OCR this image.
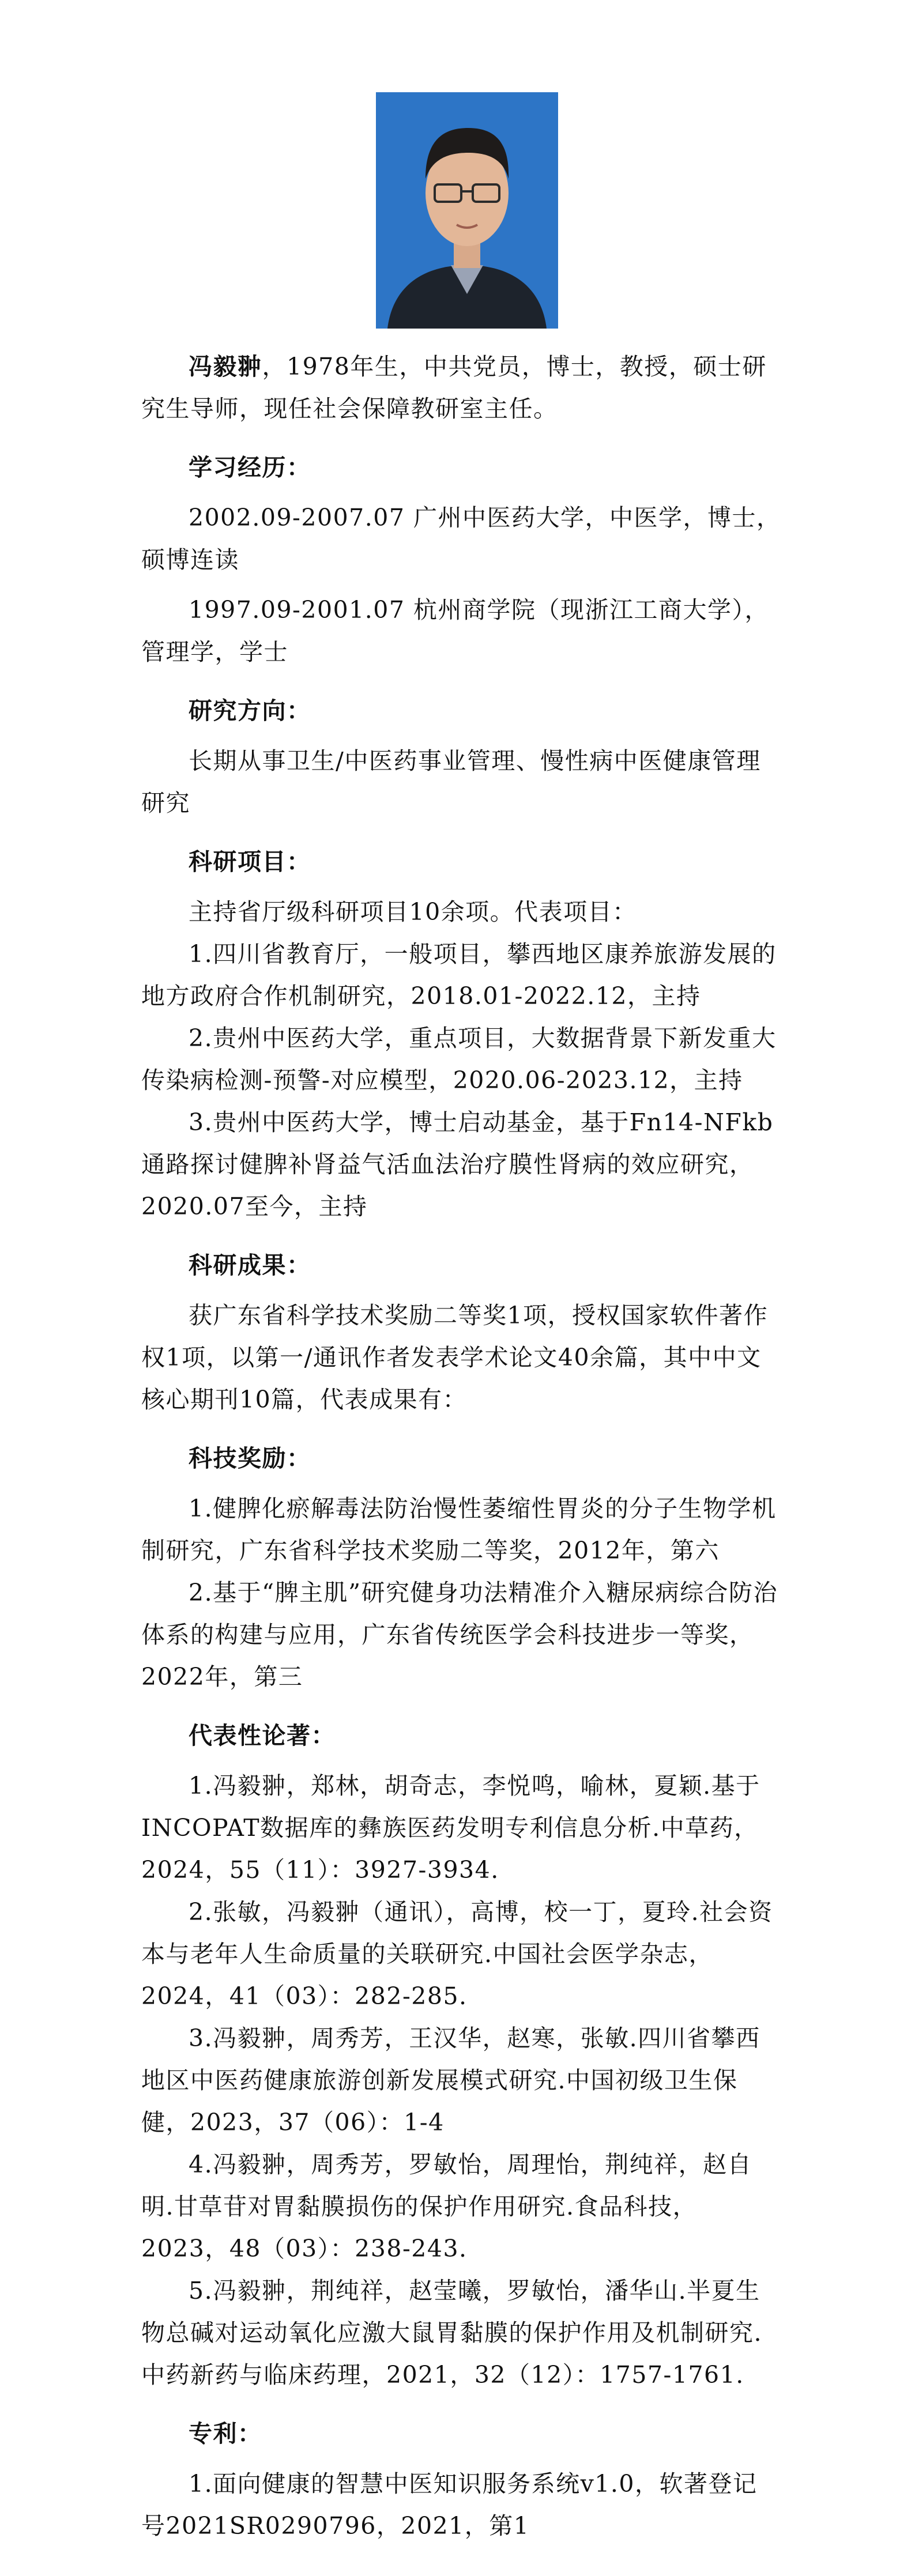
冯毅翀，1978年生，中共党员，博士，教授，硕士研究生导师，现任社会保障教研室主任。

学习经历：

2002.09-2007.07 广州中医药大学，中医学，博士，硕博连读

1997.09-2001.07 杭州商学院（现浙江工商大学），管理学，学士

研究方向：

长期从事卫生/中医药事业管理、慢性病中医健康管理研究

科研项目：

主持省厅级科研项目10余项。代表项目：

1.四川省教育厅，一般项目，攀西地区康养旅游发展的地方政府合作机制研究，2018.01-2022.12，主持

2.贵州中医药大学，重点项目，大数据背景下新发重大传染病检测-预警-对应模型，2020.06-2023.12，主持

3.贵州中医药大学，博士启动基金，基于Fn14-NFkb通路探讨健脾补肾益气活血法治疗膜性肾病的效应研究，2020.07至今，主持

科研成果：

获广东省科学技术奖励二等奖1项，授权国家软件著作权1项，以第一/通讯作者发表学术论文40余篇，其中中文核心期刊10篇，代表成果有：

科技奖励：

1.健脾化瘀解毒法防治慢性萎缩性胃炎的分子生物学机制研究，广东省科学技术奖励二等奖，2012年，第六

2.基于“脾主肌”研究健身功法精准介入糖尿病综合防治体系的构建与应用，广东省传统医学会科技进步一等奖，2022年，第三

代表性论著：

1.冯毅翀，郑林，胡奇志，李悦鸣，喻林，夏颖.基于INCOPAT数据库的彝族医药发明专利信息分析.中草药，2024，55（11）：3927-3934.

2.张敏，冯毅翀（通讯），高博，校一丁，夏玲.社会资本与老年人生命质量的关联研究.中国社会医学杂志，2024，41（03）：282-285.

3.冯毅翀，周秀芳，王汉华，赵寒，张敏.四川省攀西地区中医药健康旅游创新发展模式研究.中国初级卫生保健，2023，37（06）：1-4

4.冯毅翀，周秀芳，罗敏怡，周理怡，荆纯祥，赵自明.甘草苷对胃黏膜损伤的保护作用研究.食品科技，2023，48（03）：238-243.

5.冯毅翀，荆纯祥，赵莹曦，罗敏怡，潘华山.半夏生物总碱对运动氧化应激大鼠胃黏膜的保护作用及机制研究.中药新药与临床药理，2021，32（12）：1757-1761.

专利：

1.面向健康的智慧中医知识服务系统v1.0，软著登记号2021SR0290796，2021，第1
